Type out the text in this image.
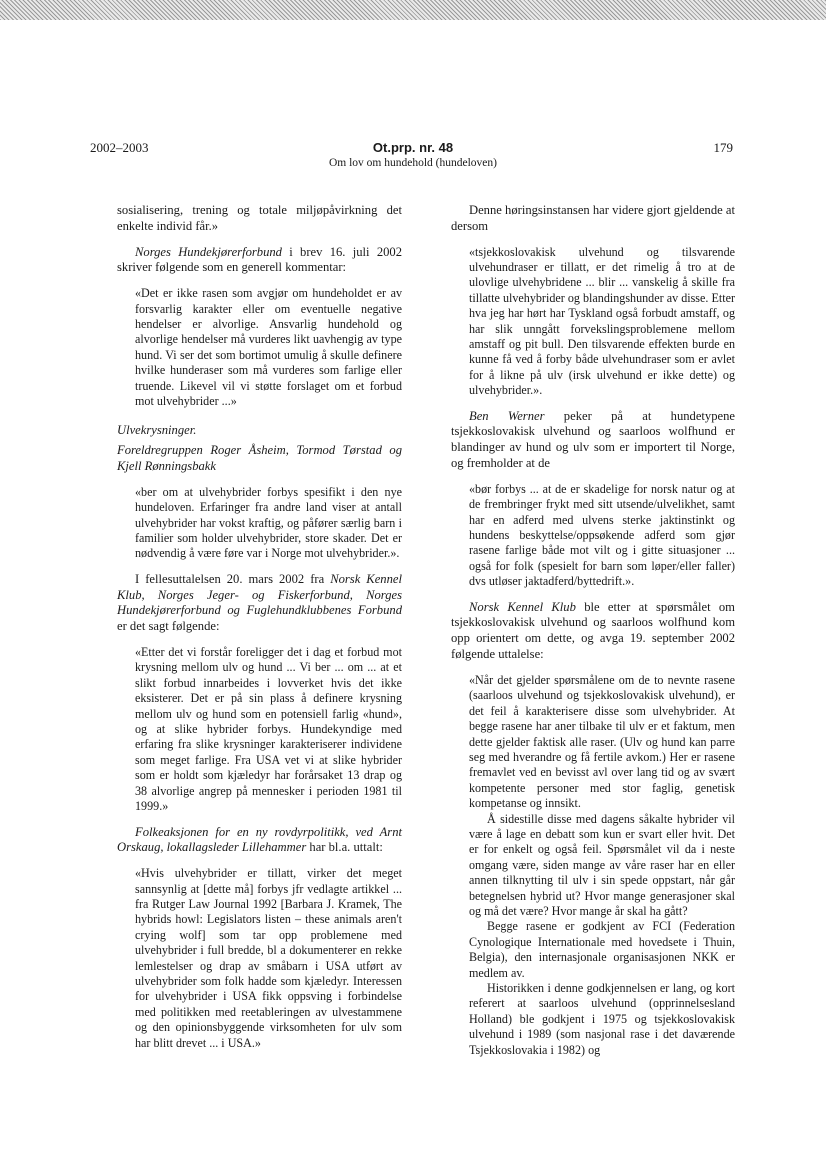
2002–2003	Ot.prp. nr. 48	179
Om lov om hundehold (hundeloven)

sosialisering, trening og totale miljøpåvirkning det enkelte individ får.»

Norges Hundekjørerforbund i brev 16. juli 2002 skriver følgende som en generell kommentar:

«Det er ikke rasen som avgjør om hundeholdet er av forsvarlig karakter eller om eventuelle negative hendelser er alvorlige. Ansvarlig hundehold og alvorlige hendelser må vurderes likt uavhengig av type hund. Vi ser det som bortimot umulig å skulle definere hvilke hunderaser som må vurderes som farlige eller truende. Likevel vil vi støtte forslaget om et forbud mot ulvehybrider ...»

Ulvekrysninger.

Foreldregruppen Roger Åsheim, Tormod Tørstad og Kjell Rønningsbakk

«ber om at ulvehybrider forbys spesifikt i den nye hundeloven. Erfaringer fra andre land viser at antall ulvehybrider har vokst kraftig, og påfører særlig barn i familier som holder ulvehybrider, store skader. Det er nødvendig å være føre var i Norge mot ulvehybrider.».

I fellesuttalelsen 20. mars 2002 fra Norsk Kennel Klub, Norges Jeger- og Fiskerforbund, Norges Hundekjørerforbund og Fuglehundklubbenes Forbund er det sagt følgende:

«Etter det vi forstår foreligger det i dag et forbud mot krysning mellom ulv og hund ... Vi ber ... om ... at et slikt forbud innarbeides i lovverket hvis det ikke eksisterer. Det er på sin plass å definere krysning mellom ulv og hund som en potensiell farlig «hund», og at slike hybrider forbys. Hundekyndige med erfaring fra slike krysninger karakteriserer individene som meget farlige. Fra USA vet vi at slike hybrider som er holdt som kjæledyr har forårsaket 13 drap og 38 alvorlige angrep på mennesker i perioden 1981 til 1999.»

Folkeaksjonen for en ny rovdyrpolitikk, ved Arnt Orskaug, lokallagsleder Lillehammer har bl.a. uttalt:

«Hvis ulvehybrider er tillatt, virker det meget sannsynlig at [dette må] forbys jfr vedlagte artikkel ... fra Rutger Law Journal 1992 [Barbara J. Kramek, The hybrids howl: Legislators listen – these animals aren't crying wolf] som tar opp problemene med ulvehybrider i full bredde, bl a dokumenterer en rekke lemlestelser og drap av småbarn i USA utført av ulvehybrider som folk hadde som kjæledyr. Interessen for ulvehybrider i USA fikk oppsving i forbindelse med politikken med reetableringen av ulvestammene og den opinionsbyggende virksomheten for ulv som har blitt drevet ... i USA.»

Denne høringsinstansen har videre gjort gjeldende at dersom

«tsjekkoslovakisk ulvehund og tilsvarende ulvehundraser er tillatt, er det rimelig å tro at de ulovlige ulvehybridene ... blir ... vanskelig å skille fra tillatte ulvehybrider og blandingshunder av disse. Etter hva jeg har hørt har Tyskland også forbudt amstaff, og har slik unngått forvekslingsproblemene mellom amstaff og pit bull. Den tilsvarende effekten burde en kunne få ved å forby både ulvehundraser som er avlet for å likne på ulv (irsk ulvehund er ikke dette) og ulvehybrider.».

Ben Werner peker på at hundetypene tsjekkoslovakisk ulvehund og saarloos wolfhund er blandinger av hund og ulv som er importert til Norge, og fremholder at de

«bør forbys ... at de er skadelige for norsk natur og at de frembringer frykt med sitt utsende/ulvelikhet, samt har en adferd med ulvens sterke jaktinstinkt og hundens beskyttelse/oppsøkende adferd som gjør rasene farlige både mot vilt og i gitte situasjoner ... også for folk (spesielt for barn som løper/eller faller) dvs utløser jaktadferd/byttedrift.».

Norsk Kennel Klub ble etter at spørsmålet om tsjekkoslovakisk ulvehund og saarloos wolfhund kom opp orientert om dette, og avga 19. september 2002 følgende uttalelse:

«Når det gjelder spørsmålene om de to nevnte rasene (saarloos ulvehund og tsjekkoslovakisk ulvehund), er det feil å karakterisere disse som ulvehybrider. At begge rasene har aner tilbake til ulv er et faktum, men dette gjelder faktisk alle raser. (Ulv og hund kan parre seg med hverandre og få fertile avkom.) Her er rasene fremavlet ved en bevisst avl over lang tid og av svært kompetente personer med stor faglig, genetisk kompetanse og innsikt.

Å sidestille disse med dagens såkalte hybrider vil være å lage en debatt som kun er svart eller hvit. Det er for enkelt og også feil. Spørsmålet vil da i neste omgang være, siden mange av våre raser har en eller annen tilknytting til ulv i sin spede oppstart, når går betegnelsen hybrid ut? Hvor mange generasjoner skal og må det være? Hvor mange år skal ha gått?

Begge rasene er godkjent av FCI (Federation Cynologique Internationale med hovedsete i Thuin, Belgia), den internasjonale organisasjonen NKK er medlem av.

Historikken i denne godkjennelsen er lang, og kort referert at saarloos ulvehund (opprinnelsesland Holland) ble godkjent i 1975 og tsjekkoslovakisk ulvehund i 1989 (som nasjonal rase i det daværende Tsjekkoslovakia i 1982) og
